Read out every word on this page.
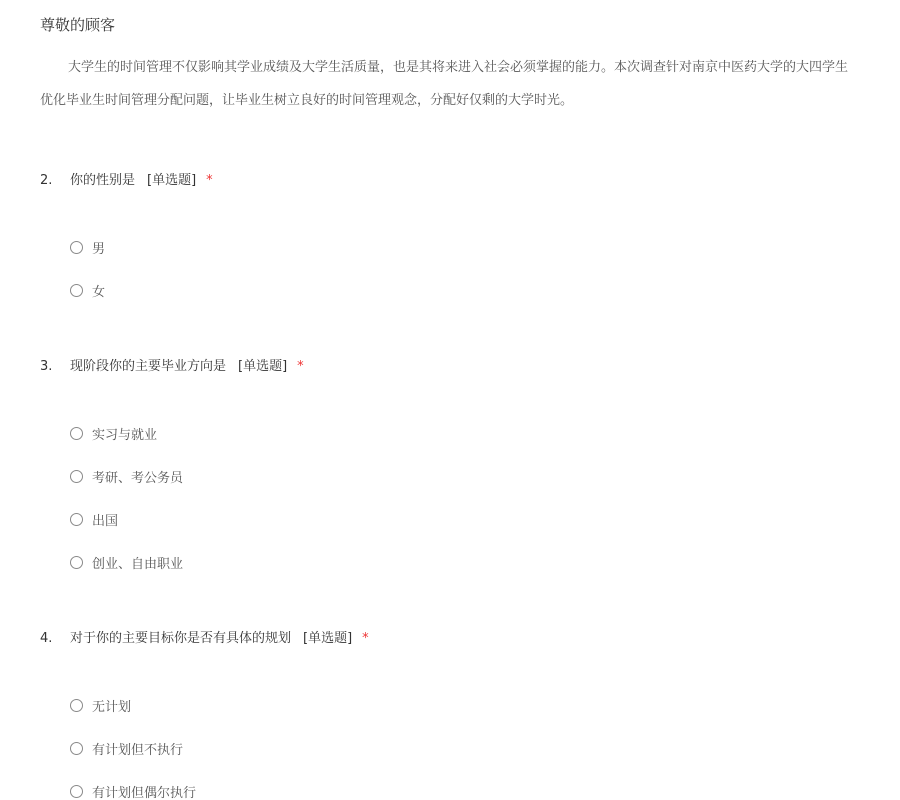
尊敬的顾客
大学生的时间管理不仅影响其学业成绩及大学生活质量，也是其将来进入社会必须掌握的能力。本次调查针对南京中医药大学的大四学生
优化毕业生时间管理分配问题，让毕业生树立良好的时间管理观念，分配好仅剩的大学时光。
2. 你的性别是 [单选题] *
男
女
3. 现阶段你的主要毕业方向是 [单选题] *
实习与就业
考研、考公务员
出国
创业、自由职业
4. 对于你的主要目标你是否有具体的规划 [单选题] *
无计划
有计划但不执行
有计划但偶尔执行
